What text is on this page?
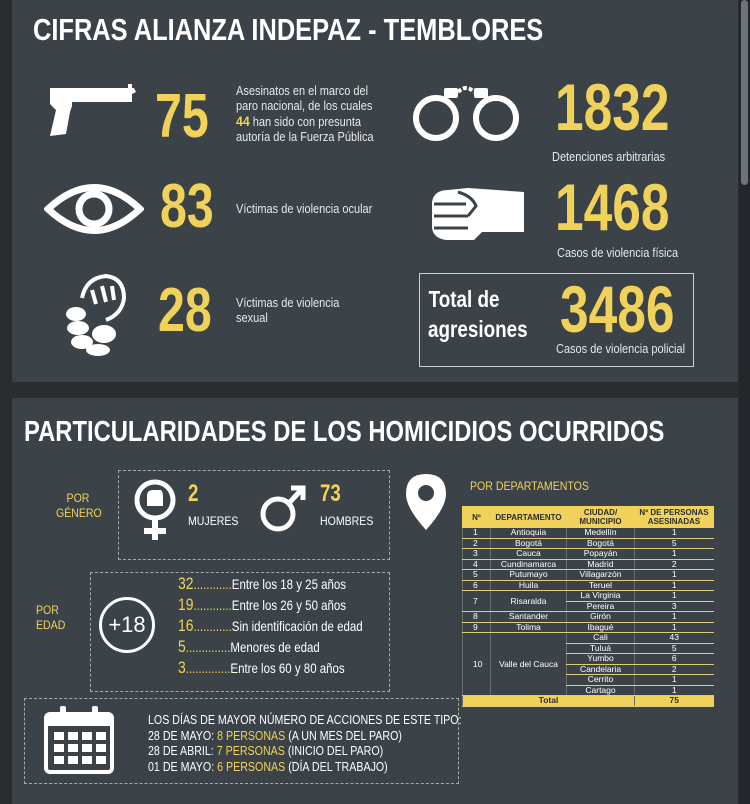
CIFRAS ALIANZA INDEPAZ - TEMBLORES
75 Asesinatos en el marco del paro nacional, de los cuales 44 han sido con presunta autoría de la Fuerza Pública
83 Víctimas de violencia ocular
28 Víctimas de violencia sexual
1832
Detenciones arbitrarias
1468
Casos de violencia física
Total de agresiones 3486
Casos de violencia policial
PARTICULARIDADES DE LOS HOMICIDIOS OCURRIDOS
POR GÉNERO
2
MUJERES
73
HOMBRES
POR EDAD	+18
32............Entre los 18 y 25 años
19............Entre los 26 y 50 años
16............Sin identificación de edad
5..............Menores de edad
3..............Entre los 60 y 80 años
LOS DÍAS DE MAYOR NÚMERO DE ACCIONES DE ESTE TIPO:
28 DE MAYO: 8 PERSONAS (A UN MES DEL PARO)
28 DE ABRIL: 7 PERSONAS (INICIO DEL PARO)
01 DE MAYO: 6 PERSONAS (DÍA DEL TRABAJO)
POR DEPARTAMENTOS
Nº	DEPARTAMENTO	CIUDAD/ MUNICIPIO	Nº DE PERSONAS ASESINADAS
1	Antioquia	Medellín	1
2	Bogotá	Bogotá	5
3	Cauca	Popayán	1
4	Cundinamarca	Madrid	2
5	Putumayo	Villagarzón	1
6	Huila	Teruel	1
7	Risaralda	La Virginia	1
		Pereira	3
8	Santander	Girón	1
9	Tolima	Ibagué	1
10	Valle del Cauca	Cali	43
		Tuluá	5
		Yumbo	6
		Candelaria	2
		Cerrito	1
		Cartago	1
Total			75
